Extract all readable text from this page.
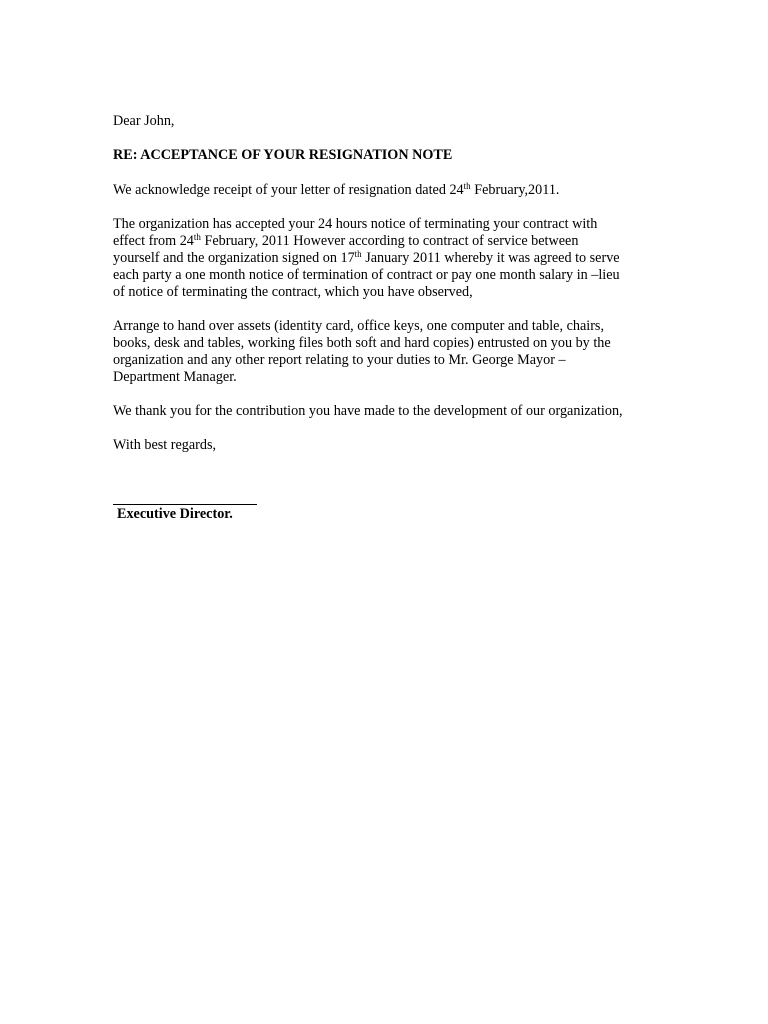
Dear John,

RE: ACCEPTANCE OF YOUR RESIGNATION NOTE

We acknowledge receipt of your letter of resignation dated 24th February,2011.

The organization has accepted your 24 hours notice of terminating your contract with
effect from 24th February, 2011 However according to contract of service between
yourself and the organization signed on 17th January 2011 whereby it was agreed to serve
each party a one month notice of termination of contract or pay one month salary in –lieu
of notice of terminating the contract, which you have observed,

Arrange to hand over assets (identity card, office keys, one computer and table, chairs,
books, desk and tables, working files both soft and hard copies) entrusted on you by the
organization and any other report relating to your duties to Mr. George Mayor –
Department Manager.

We thank you for the contribution you have made to the development of our organization,

With best regards,

Executive Director.
